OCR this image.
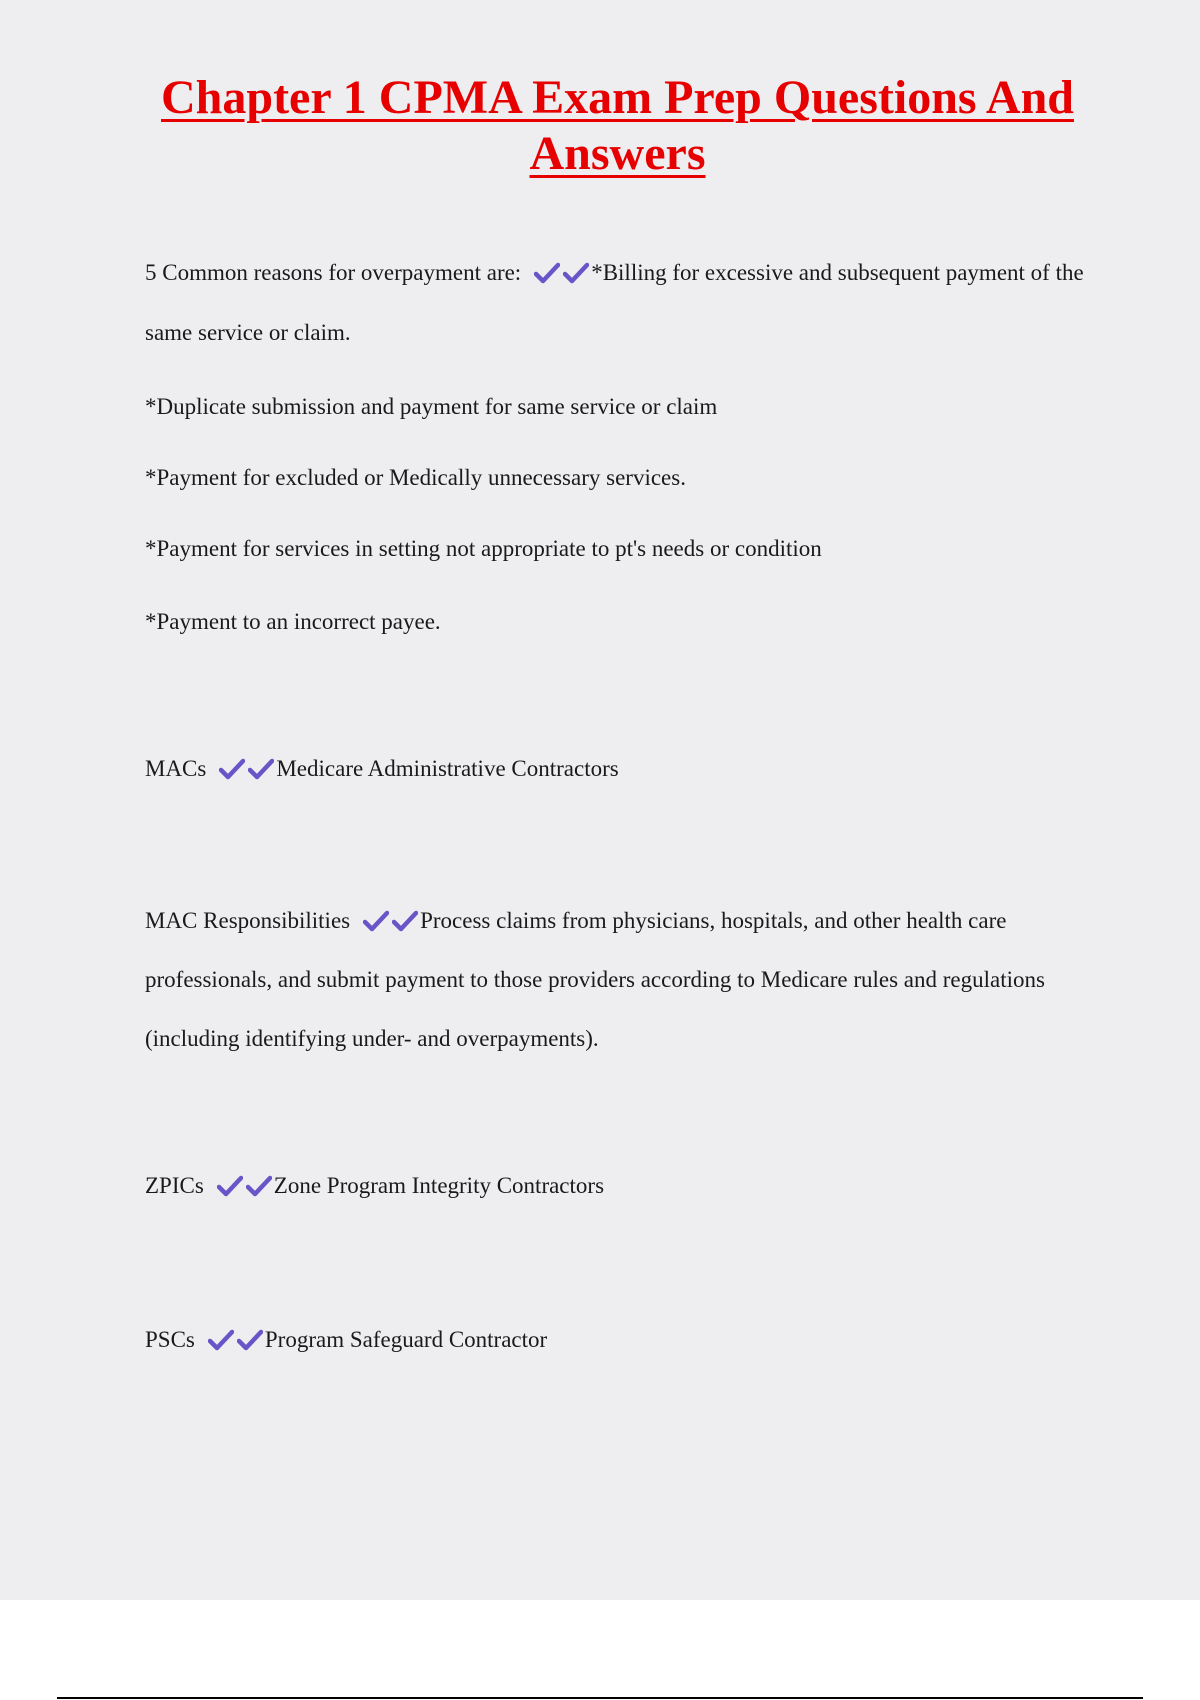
Chapter 1 CPMA Exam Prep Questions And Answers

5 Common reasons for overpayment are:	*Billing for excessive and subsequent payment of the same service or claim.

*Duplicate submission and payment for same service or claim

*Payment for excluded or Medically unnecessary services.

*Payment for services in setting not appropriate to pt's needs or condition

*Payment to an incorrect payee.

MACs	Medicare Administrative Contractors

MAC Responsibilities	Process claims from physicians, hospitals, and other health care professionals, and submit payment to those providers according to Medicare rules and regulations (including identifying under- and overpayments).

ZPICs	Zone Program Integrity Contractors

PSCs	Program Safeguard Contractor
